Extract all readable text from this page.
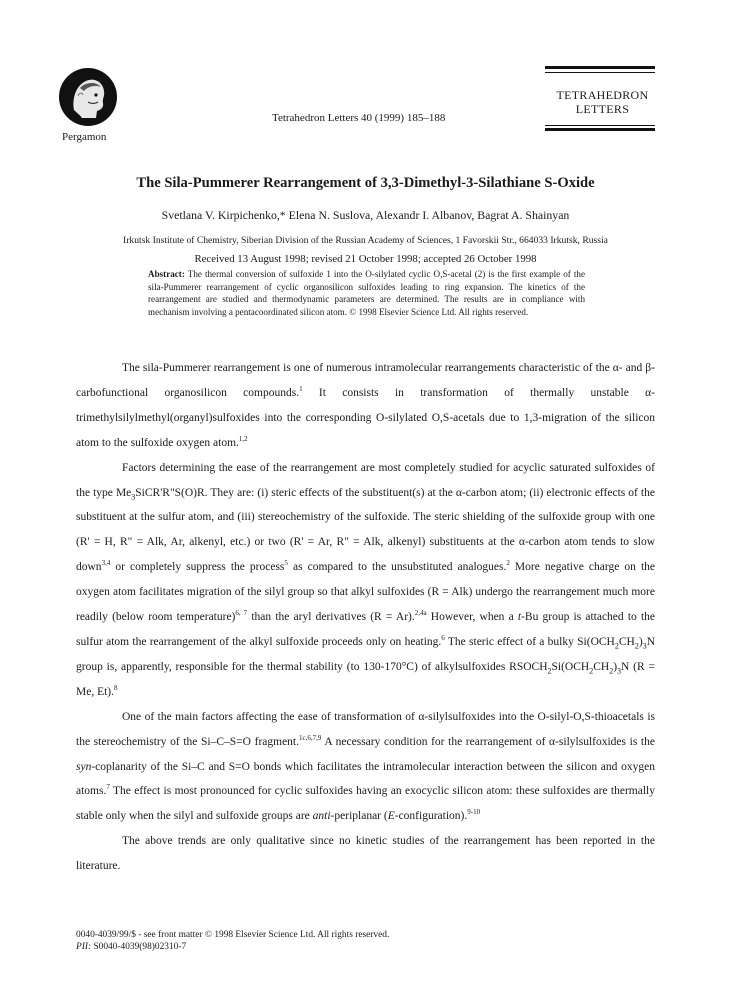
Pergamon
Tetrahedron Letters 40 (1999) 185–188
TETRAHEDRON
LETTERS
The Sila-Pummerer Rearrangement of 3,3-Dimethyl-3-Silathiane S-Oxide
Svetlana V. Kirpichenko,* Elena N. Suslova, Alexandr I. Albanov, Bagrat A. Shainyan
Irkutsk Institute of Chemistry, Siberian Division of the Russian Academy of Sciences, 1 Favorskii Str., 664033 Irkutsk, Russia
Received 13 August 1998; revised 21 October 1998; accepted 26 October 1998
Abstract: The thermal conversion of sulfoxide 1 into the O-silylated cyclic O,S-acetal (2) is the first example of the sila-Pummerer rearrangement of cyclic organosilicon sulfoxides leading to ring expansion. The kinetics of the rearrangement are studied and thermodynamic parameters are determined. The results are in compliance with mechanism involving a pentacoordinated silicon atom. © 1998 Elsevier Science Ltd. All rights reserved.

The sila-Pummerer rearrangement is one of numerous intramolecular rearrangements characteristic of the α- and β-carbofunctional organosilicon compounds.$^1$ It consists in transformation of thermally unstable α-trimethylsilylmethyl(organyl)sulfoxides into the corresponding O-silylated O,S-acetals due to 1,3-migration of the silicon atom to the sulfoxide oxygen atom.$^{1,2}$

Factors determining the ease of the rearrangement are most completely studied for acyclic saturated sulfoxides of the type $Me_3SiCR'R"S(O)R$. They are: (i) steric effects of the substituent(s) at the α-carbon atom; (ii) electronic effects of the substituent at the sulfur atom, and (iii) stereochemistry of the sulfoxide. The steric shielding of the sulfoxide group with one (R' = H, R" = Alk, Ar, alkenyl, etc.) or two (R' = Ar, R" = Alk, alkenyl) substituents at the α-carbon atom tends to slow down$^{3,4}$ or completely suppress the process$^5$ as compared to the unsubstituted analogues.$^2$ More negative charge on the oxygen atom facilitates migration of the silyl group so that alkyl sulfoxides (R = Alk) undergo the rearrangement much more readily (below room temperature)$^{6, 7}$ than the aryl derivatives (R = Ar).$^{2,4a}$ However, when a t-Bu group is attached to the sulfur atom the rearrangement of the alkyl sulfoxide proceeds only on heating.$^6$ The steric effect of a bulky $Si(OCH_2CH_2)_3N$ group is, apparently, responsible for the thermal stability (to 130-170°C) of alkylsulfoxides $RSOCH_2Si(OCH_2CH_2)_3N$ (R = Me, Et).$^8$

One of the main factors affecting the ease of transformation of α-silylsulfoxides into the O-silyl-O,S-thioacetals is the stereochemistry of the Si–C–S=O fragment.$^{1c,6,7,9}$ A necessary condition for the rearrangement of α-silylsulfoxides is the syn-coplanarity of the Si–C and S=O bonds which facilitates the intramolecular interaction between the silicon and oxygen atoms.$^7$ The effect is most pronounced for cyclic sulfoxides having an exocyclic silicon atom: these sulfoxides are thermally stable only when the silyl and sulfoxide groups are anti-periplanar (E-configuration).$^{9-10}$

The above trends are only qualitative since no kinetic studies of the rearrangement has been reported in the literature.

0040-4039/99/$ - see front matter © 1998 Elsevier Science Ltd. All rights reserved.
PII: S0040-4039(98)02310-7
